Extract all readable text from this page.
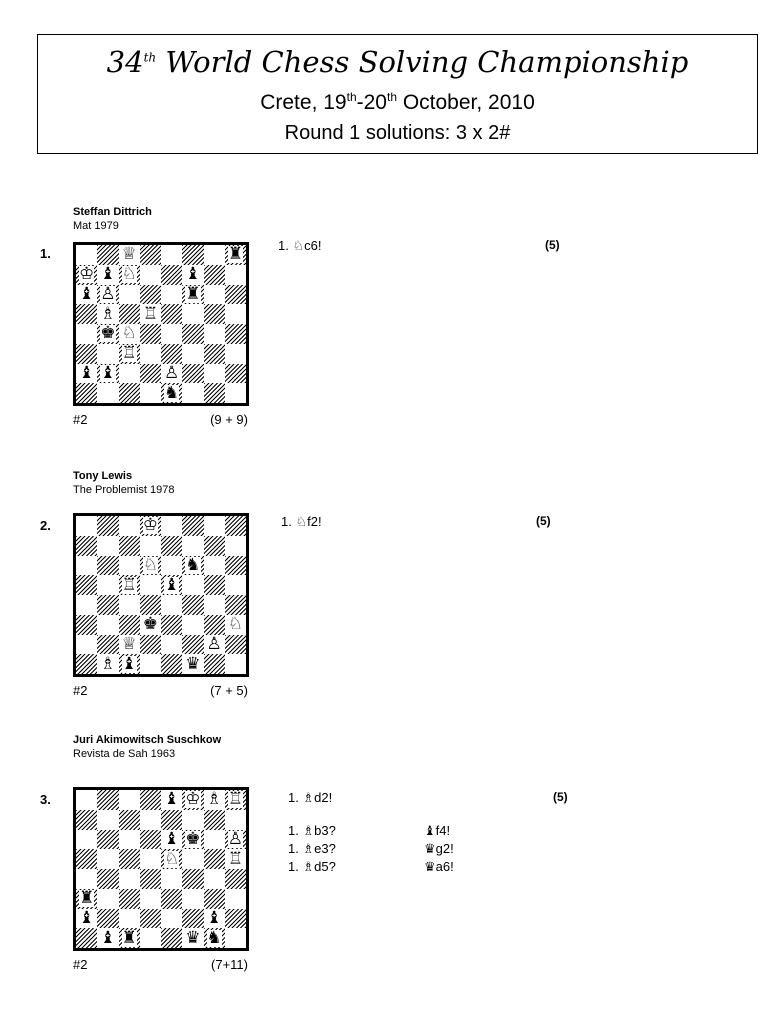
34th World Chess Solving Championship
Crete, 19th-20th October, 2010
Round 1 solutions: 3 x 2#
Steffan Dittrich
Mat 1979
1.	♕	♜
♔ ♝ ♘	♝
♝ ♙	♜
♗ ♖
♚ ♘
♖
♝ ♝	♙
♞
#2	(9 + 9)
1. ♘c6!	(5)
Tony Lewis
The Problemist 1978
2.	♔
♘ ♞
♖ ♝
♚	♘
♕	♙
♗ ♝	♛
#2	(7 + 5)
1. ♘f2!	(5)
Juri Akimowitsch Suschkow
Revista de Sah 1963
3.	♝ ♔ ♗ ♖
♝ ♚ ♙
♘	♖
♜
♝	♝
♝ ♜	♛ ♞
#2	(7+11)
1. ♗d2!	(5)
1. ♗b3?	♝f4!
1. ♗e3?	♛g2!
1. ♗d5?	♛a6!
